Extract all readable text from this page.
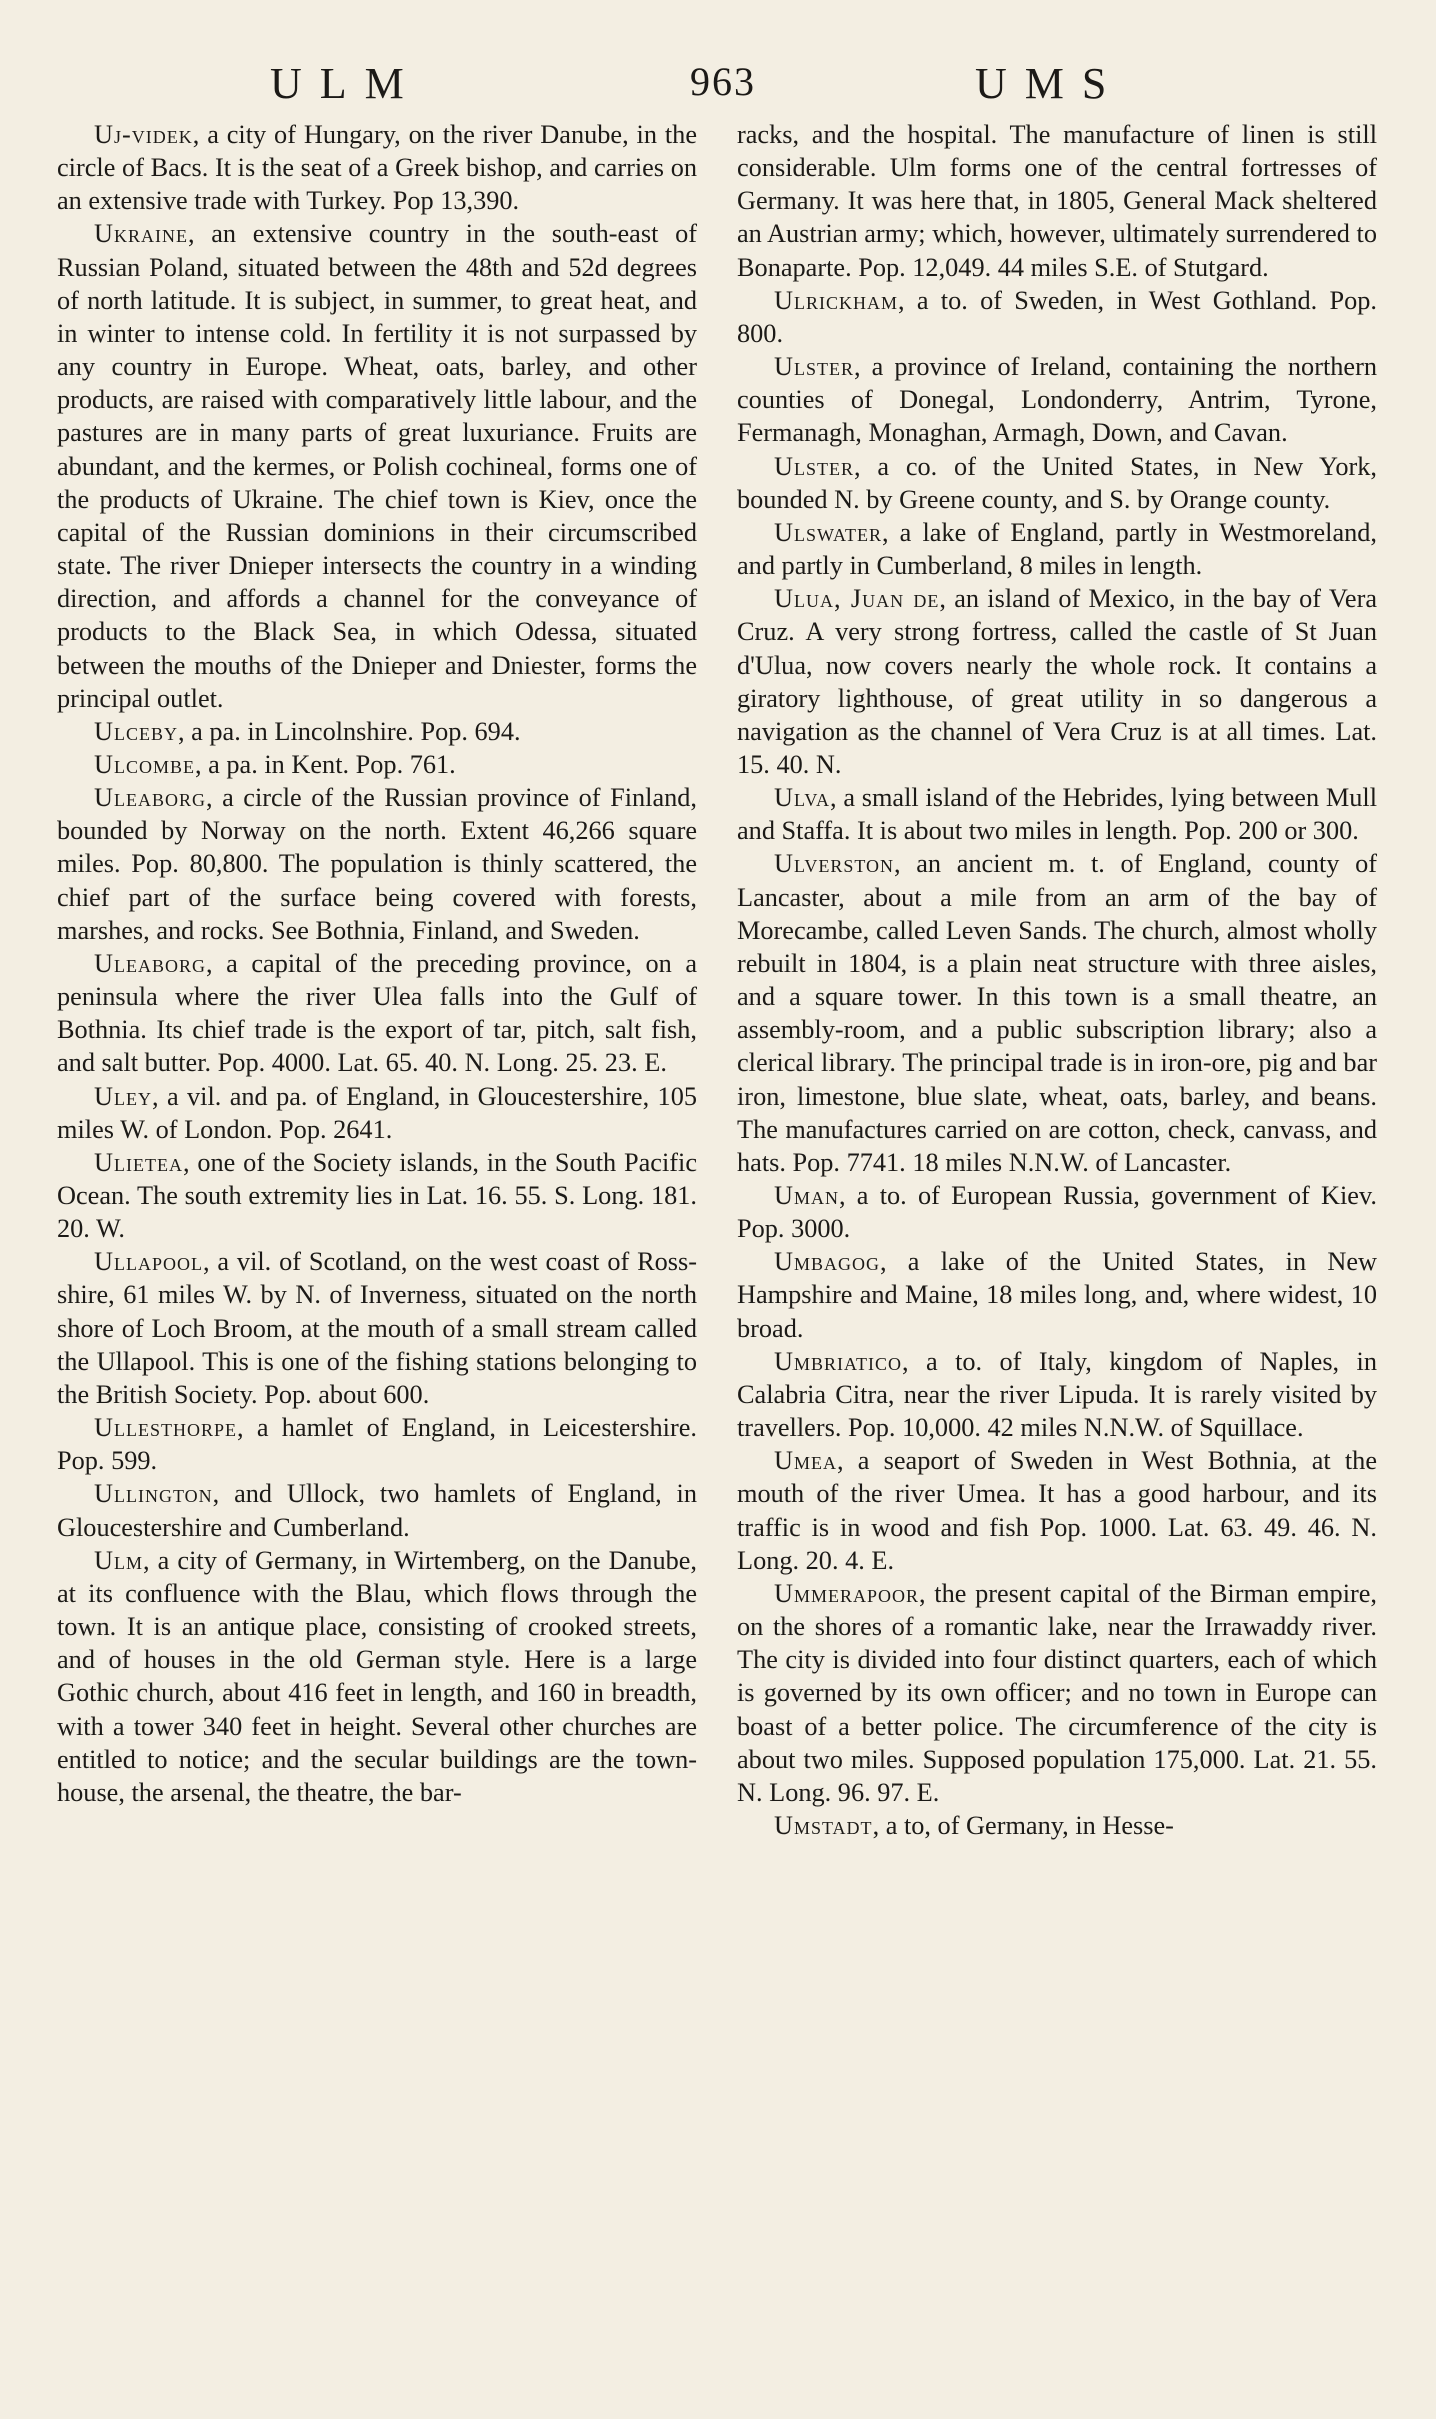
ULM	963	UMS

Uj-videk, a city of Hungary, on the river Danube, in the circle of Bacs. It is the seat of a Greek bishop, and carries on an extensive trade with Turkey. Pop 13,390.

Ukraine, an extensive country in the south-east of Russian Poland, situated between the 48th and 52d degrees of north latitude. It is subject, in summer, to great heat, and in winter to intense cold. In fertility it is not surpassed by any country in Europe. Wheat, oats, barley, and other products, are raised with comparatively little labour, and the pastures are in many parts of great luxuriance. Fruits are abundant, and the kermes, or Polish cochineal, forms one of the products of Ukraine. The chief town is Kiev, once the capital of the Russian dominions in their circumscribed state. The river Dnieper intersects the country in a winding direction, and affords a channel for the conveyance of products to the Black Sea, in which Odessa, situated between the mouths of the Dnieper and Dniester, forms the principal outlet.

Ulceby, a pa. in Lincolnshire. Pop. 694.

Ulcombe, a pa. in Kent. Pop. 761.

Uleaborg, a circle of the Russian province of Finland, bounded by Norway on the north. Extent 46,266 square miles. Pop. 80,800. The population is thinly scattered, the chief part of the surface being covered with forests, marshes, and rocks. See Bothnia, Finland, and Sweden.

Uleaborg, a capital of the preceding province, on a peninsula where the river Ulea falls into the Gulf of Bothnia. Its chief trade is the export of tar, pitch, salt fish, and salt butter. Pop. 4000. Lat. 65. 40. N. Long. 25. 23. E.

Uley, a vil. and pa. of England, in Gloucestershire, 105 miles W. of London. Pop. 2641.

Ulietea, one of the Society islands, in the South Pacific Ocean. The south extremity lies in Lat. 16. 55. S. Long. 181. 20. W.

Ullapool, a vil. of Scotland, on the west coast of Ross-shire, 61 miles W. by N. of Inverness, situated on the north shore of Loch Broom, at the mouth of a small stream called the Ullapool. This is one of the fishing stations belonging to the British Society. Pop. about 600.

Ullesthorpe, a hamlet of England, in Leicestershire. Pop. 599.

Ullington, and Ullock, two hamlets of England, in Gloucestershire and Cumberland.

Ulm, a city of Germany, in Wirtemberg, on the Danube, at its confluence with the Blau, which flows through the town. It is an antique place, consisting of crooked streets, and of houses in the old German style. Here is a large Gothic church, about 416 feet in length, and 160 in breadth, with a tower 340 feet in height. Several other churches are entitled to notice; and the secular buildings are the town-house, the arsenal, the theatre, the bar-

racks, and the hospital. The manufacture of linen is still considerable. Ulm forms one of the central fortresses of Germany. It was here that, in 1805, General Mack sheltered an Austrian army; which, however, ultimately surrendered to Bonaparte. Pop. 12,049. 44 miles S.E. of Stutgard.

Ulrickham, a to. of Sweden, in West Gothland. Pop. 800.

Ulster, a province of Ireland, containing the northern counties of Donegal, Londonderry, Antrim, Tyrone, Fermanagh, Monaghan, Armagh, Down, and Cavan.

Ulster, a co. of the United States, in New York, bounded N. by Greene county, and S. by Orange county.

Ulswater, a lake of England, partly in Westmoreland, and partly in Cumberland, 8 miles in length.

Ulua, Juan de, an island of Mexico, in the bay of Vera Cruz. A very strong fortress, called the castle of St Juan d'Ulua, now covers nearly the whole rock. It contains a giratory lighthouse, of great utility in so dangerous a navigation as the channel of Vera Cruz is at all times. Lat. 15. 40. N.

Ulva, a small island of the Hebrides, lying between Mull and Staffa. It is about two miles in length. Pop. 200 or 300.

Ulverston, an ancient m. t. of England, county of Lancaster, about a mile from an arm of the bay of Morecambe, called Leven Sands. The church, almost wholly rebuilt in 1804, is a plain neat structure with three aisles, and a square tower. In this town is a small theatre, an assembly-room, and a public subscription library; also a clerical library. The principal trade is in iron-ore, pig and bar iron, limestone, blue slate, wheat, oats, barley, and beans. The manufactures carried on are cotton, check, canvass, and hats. Pop. 7741. 18 miles N.N.W. of Lancaster.

Uman, a to. of European Russia, government of Kiev. Pop. 3000.

Umbagog, a lake of the United States, in New Hampshire and Maine, 18 miles long, and, where widest, 10 broad.

Umbriatico, a to. of Italy, kingdom of Naples, in Calabria Citra, near the river Lipuda. It is rarely visited by travellers. Pop. 10,000. 42 miles N.N.W. of Squillace.

Umea, a seaport of Sweden in West Bothnia, at the mouth of the river Umea. It has a good harbour, and its traffic is in wood and fish Pop. 1000. Lat. 63. 49. 46. N. Long. 20. 4. E.

Ummerapoor, the present capital of the Birman empire, on the shores of a romantic lake, near the Irrawaddy river. The city is divided into four distinct quarters, each of which is governed by its own officer; and no town in Europe can boast of a better police. The circumference of the city is about two miles. Supposed population 175,000. Lat. 21. 55. N. Long. 96. 97. E.

Umstadt, a to, of Germany, in Hesse-
